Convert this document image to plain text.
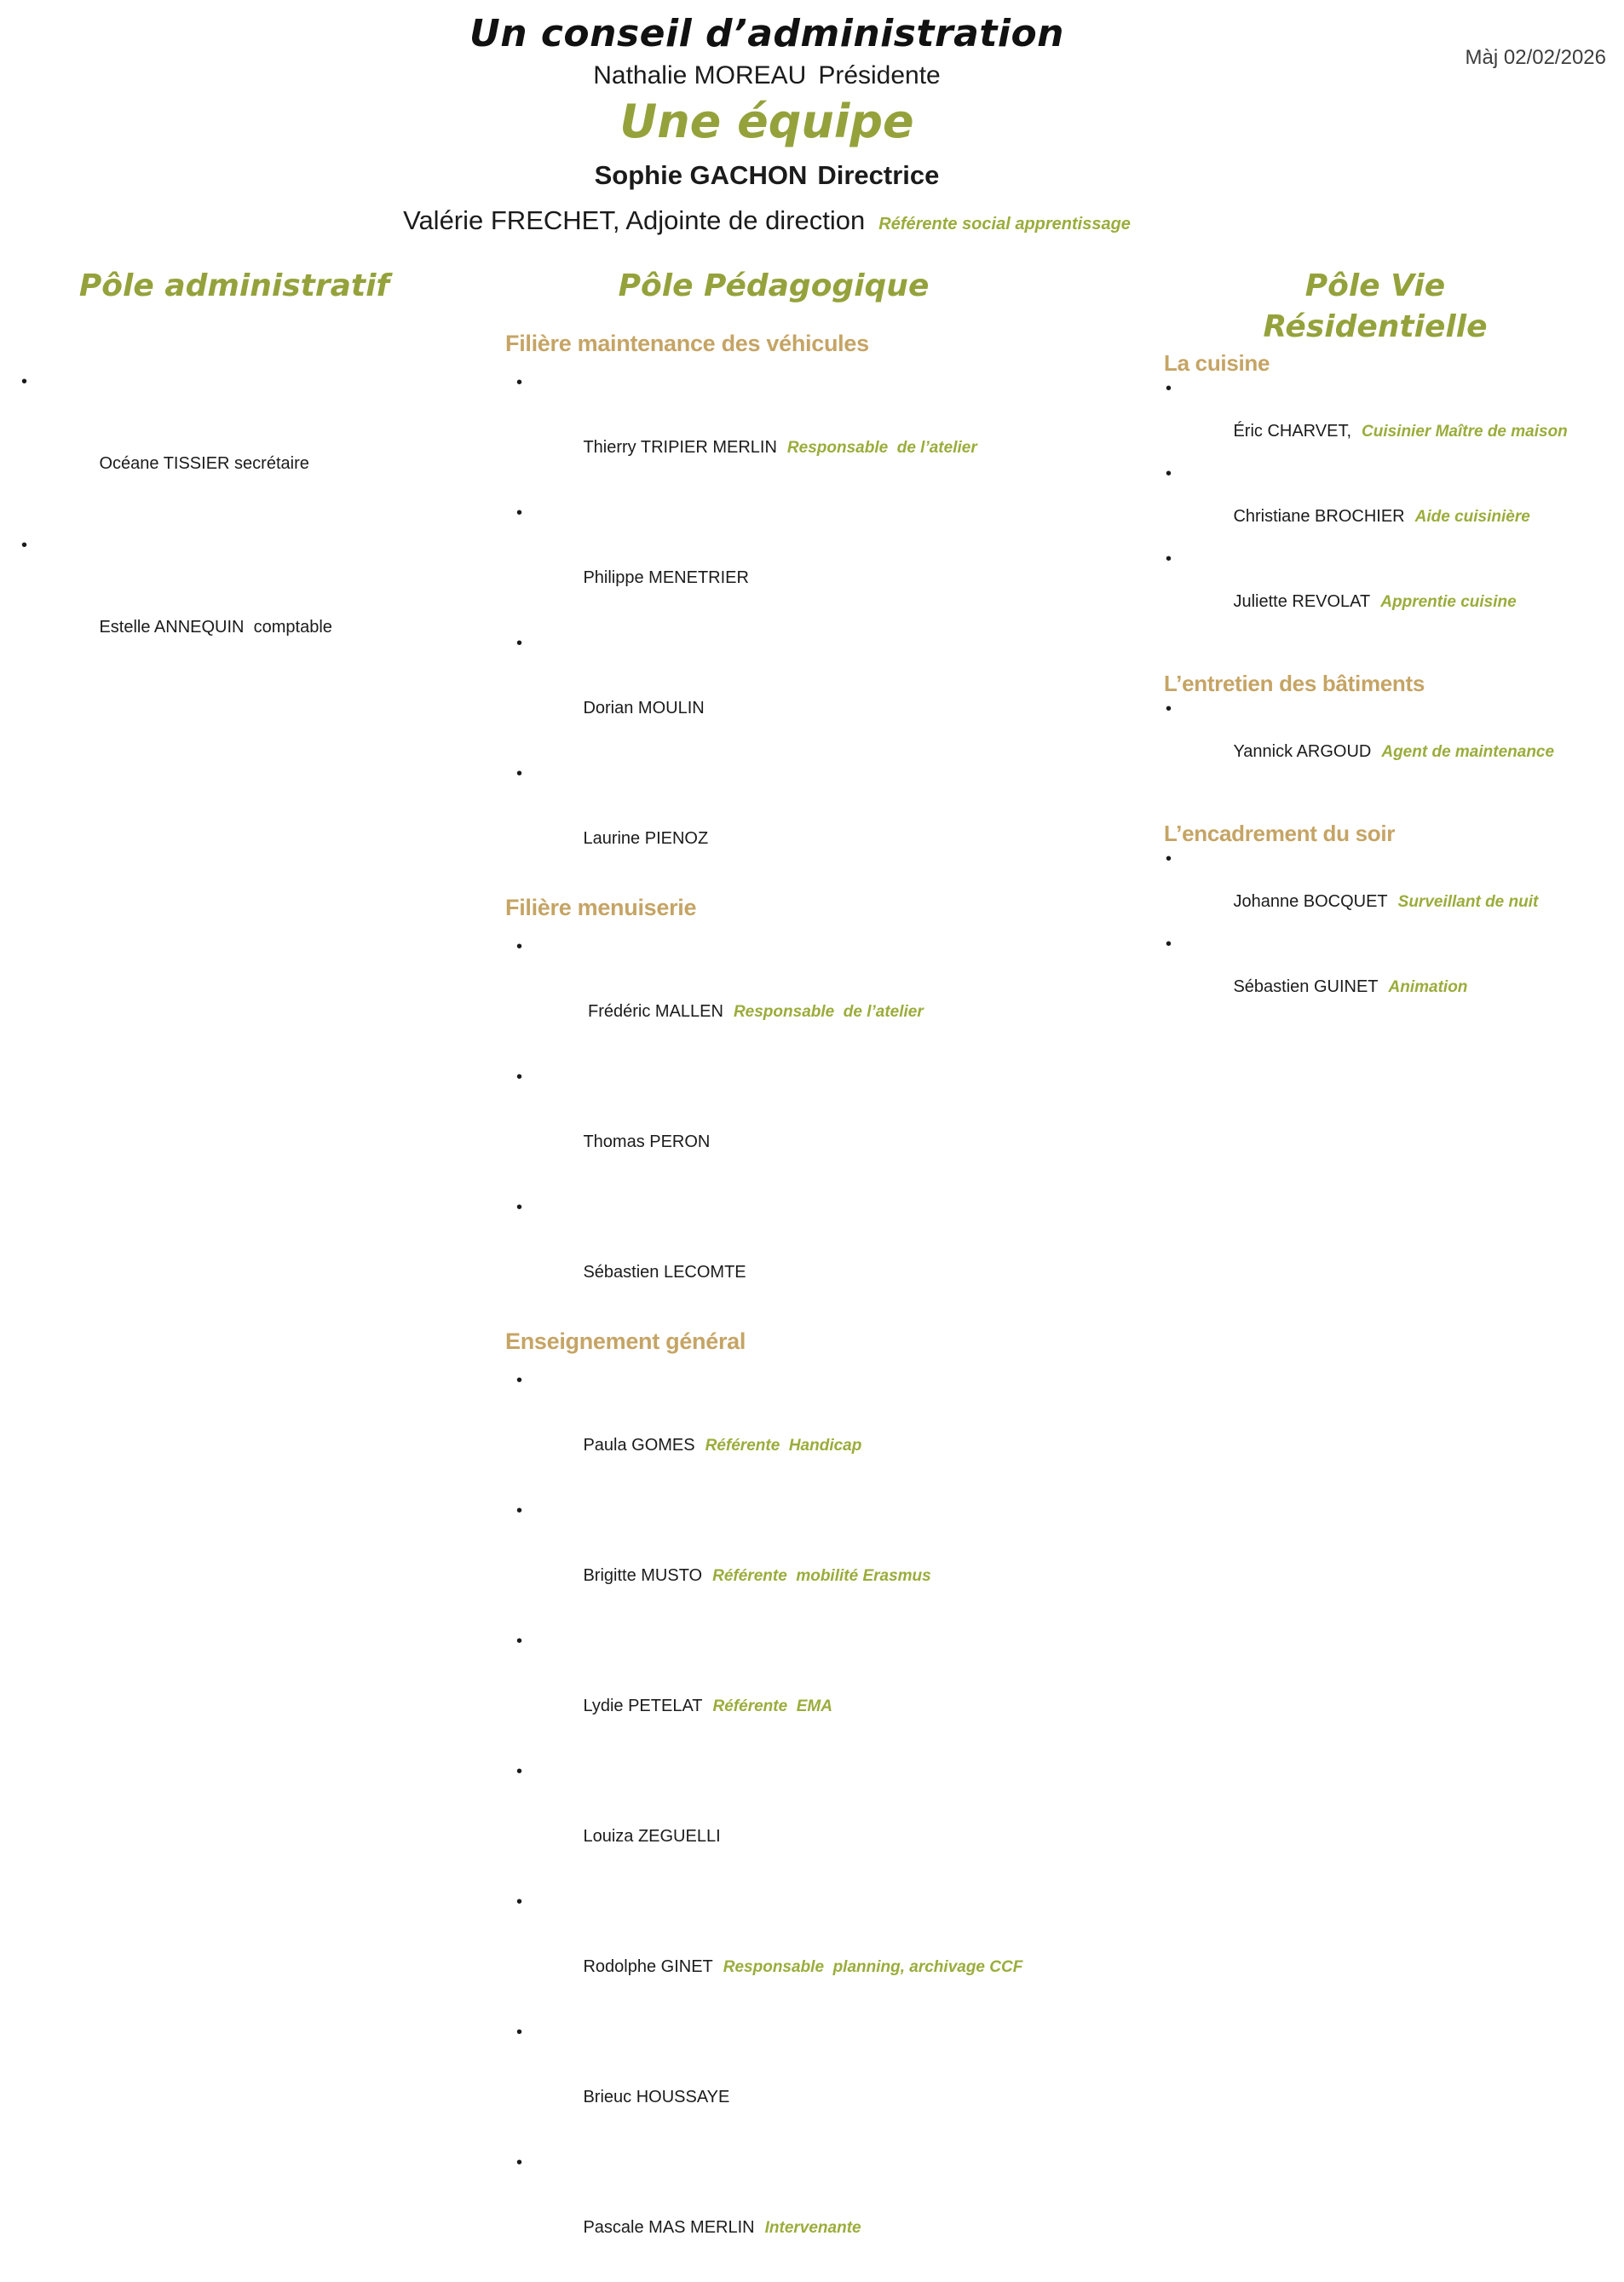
Un conseil d’administration
Nathalie MOREAU Présidente
Une équipe
Sophie GACHON Directrice
Valérie FRECHET, Adjointe de direction Référente social apprentissage
Màj 02/02/2026
Pôle administratif	Pôle Pédagogique	Pôle Vie Résidentielle

•

Océane TISSIER secrétaire

•

Estelle ANNEQUIN  comptable

Filière maintenance des véhicules

•

Thierry TRIPIER MERLIN Responsable  de l’atelier

•

Philippe MENETRIER

•

Dorian MOULIN

•

Laurine PIENOZ

Filière menuiserie

•

Frédéric MALLEN Responsable  de l’atelier

•

Thomas PERON

•

Sébastien LECOMTE

Enseignement général

•

Paula GOMES Référente  Handicap

•

Brigitte MUSTO Référente  mobilité Erasmus

•

Lydie PETELAT Référente  EMA

•

Louiza ZEGUELLI

•

Rodolphe GINET Responsable  planning, archivage CCF

•

Brieuc HOUSSAYE

•

Pascale MAS MERLIN Intervenante

La cuisine

•

Éric CHARVET, Cuisinier Maître de maison

•

Christiane BROCHIER Aide cuisinière

•

Juliette REVOLAT Apprentie cuisine

L’entretien des bâtiments

•

Yannick ARGOUD Agent de maintenance

L’encadrement du soir

•

Johanne BOCQUET Surveillant de nuit

•

Sébastien GUINET Animation
